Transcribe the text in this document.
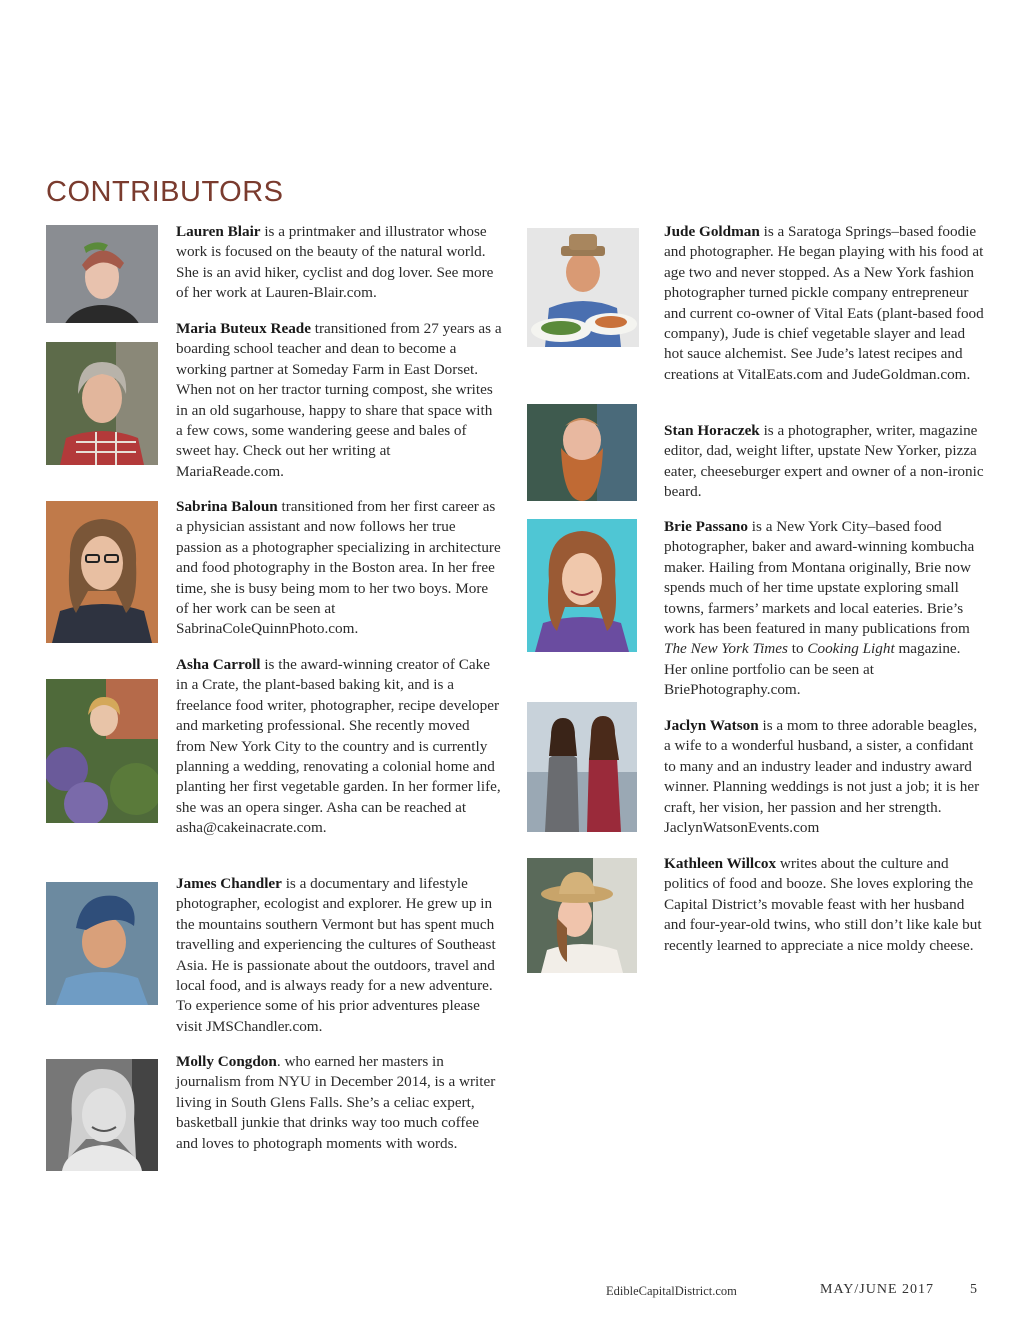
CONTRIBUTORS

Lauren Blair is a printmaker and illustrator whose work is focused on the beauty of the natural world. She is an avid hiker, cyclist and dog lover. See more of her work at Lauren-Blair.com.

Maria Buteux Reade transitioned from 27 years as a boarding school teacher and dean to become a working partner at Someday Farm in East Dorset. When not on her tractor turning compost, she writes in an old sugarhouse, happy to share that space with a few cows, some wandering geese and bales of sweet hay. Check out her writing at MariaReade.com.

Sabrina Baloun transitioned from her first career as a physician assistant and now follows her true passion as a photographer specializing in architecture and food photography in the Boston area. In her free time, she is busy being mom to her two boys. More of her work can be seen at SabrinaColeQuinnPhoto.com.

Asha Carroll is the award-winning creator of Cake in a Crate, the plant-based baking kit, and is a freelance food writer, photographer, recipe developer and marketing professional. She recently moved from New York City to the country and is currently planning a wedding, renovating a colonial home and planting her first vegetable garden. In her former life, she was an opera singer. Asha can be reached at asha@cakeinacrate.com.

James Chandler is a documentary and lifestyle photographer, ecologist and explorer. He grew up in the mountains southern Vermont but has spent much travelling and experiencing the cultures of Southeast Asia. He is passionate about the outdoors, travel and local food, and is always ready for a new adventure. To experience some of his prior adventures please visit JMSChandler.com.

Molly Congdon. who earned her masters in journalism from NYU in December 2014, is a writer living in South Glens Falls. She’s a celiac expert, basketball junkie that drinks way too much coffee and loves to photograph moments with words.

Jude Goldman is a Saratoga Springs–based foodie and photographer. He began playing with his food at age two and never stopped. As a New York fashion photographer turned pickle company entrepreneur and current co-owner of Vital Eats (plant-based food company), Jude is chief vegetable slayer and lead hot sauce alchemist. See Jude’s latest recipes and creations at VitalEats.com and JudeGoldman.com.

Stan Horaczek is a photographer, writer, magazine editor, dad, weight lifter, upstate New Yorker, pizza eater, cheeseburger expert and owner of a non-ironic beard.

Brie Passano is a New York City–based food photographer, baker and award-winning kombucha maker. Hailing from Montana originally, Brie now spends much of her time upstate exploring small towns, farmers’ markets and local eateries. Brie’s work has been featured in many publications from The New York Times to Cooking Light magazine. Her online portfolio can be seen at BriePhotography.com.

Jaclyn Watson is a mom to three adorable beagles, a wife to a wonderful husband, a sister, a confidant to many and an industry leader and industry award winner. Planning weddings is not just a job; it is her craft, her vision, her passion and her strength. JaclynWatsonEvents.com

Kathleen Willcox writes about the culture and politics of food and booze. She loves exploring the Capital District’s movable feast with her husband and four-year-old twins, who still don’t like kale but recently learned to appreciate a nice moldy cheese.

EdibleCapitalDistrict.com	MAY/JUNE 2017	5
